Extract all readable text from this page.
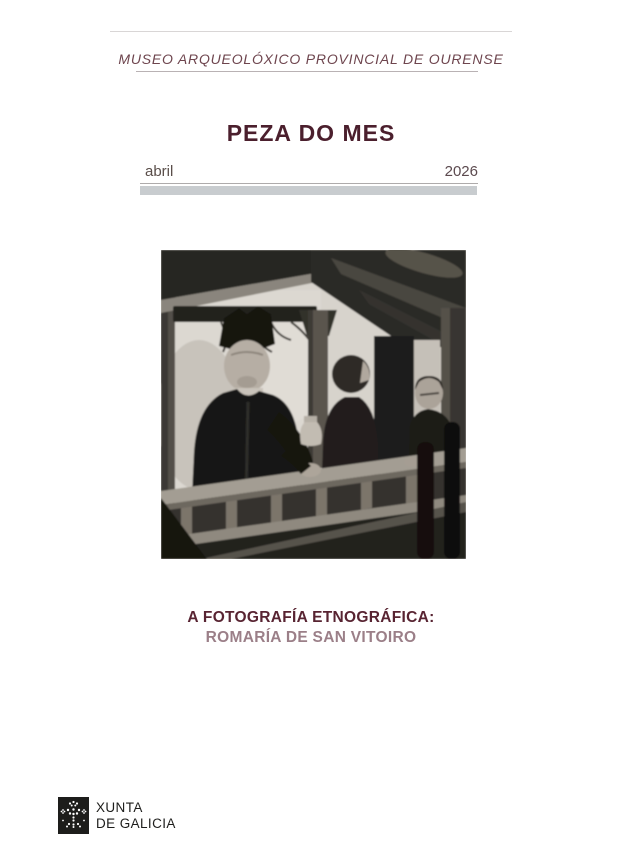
MUSEO ARQUEOLÓXICO PROVINCIAL DE OURENSE
PEZA DO MES
abril	2026
A FOTOGRAFÍA ETNOGRÁFICA:
ROMARÍA DE SAN VITOIRO
XUNTA
DE GALICIA
